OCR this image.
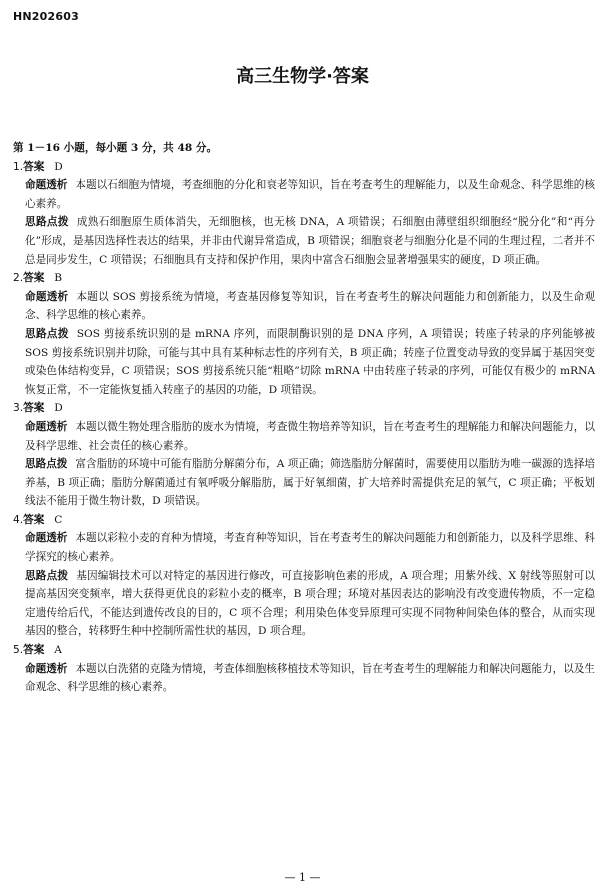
HN202603
高三生物学·答案
第 1－16 小题，每小题 3 分，共 48 分。
1.答案 D
命题透析 本题以石细胞为情境，考查细胞的分化和衰老等知识，旨在考查考生的理解能力，以及生命观念、科学思维的核心素养。
思路点拨 成熟石细胞原生质体消失，无细胞核，也无核 DNA，A 项错误；石细胞由薄壁组织细胞经“脱分化”和“再分化”形成，是基因选择性表达的结果，并非由代谢异常造成，B 项错误；细胞衰老与细胞分化是不同的生理过程，二者并不总是同步发生，C 项错误；石细胞具有支持和保护作用，果肉中富含石细胞会显著增强果实的硬度，D 项正确。
2.答案 B
命题透析 本题以 SOS 剪接系统为情境，考查基因修复等知识，旨在考查考生的解决问题能力和创新能力，以及生命观念、科学思维的核心素养。
思路点拨 SOS 剪接系统识别的是 mRNA 序列，而限制酶识别的是 DNA 序列，A 项错误；转座子转录的序列能够被 SOS 剪接系统识别并切除，可能与其中具有某种标志性的序列有关，B 项正确；转座子位置变动导致的变异属于基因突变或染色体结构变异，C 项错误；SOS 剪接系统只能“粗略”切除 mRNA 中由转座子转录的序列，可能仅有极少的 mRNA 恢复正常，不一定能恢复插入转座子的基因的功能，D 项错误。
3.答案 D
命题透析 本题以微生物处理含脂肪的废水为情境，考查微生物培养等知识，旨在考查考生的理解能力和解决问题能力，以及科学思维、社会责任的核心素养。
思路点拨 富含脂肪的环境中可能有脂肪分解菌分布，A 项正确；筛选脂肪分解菌时，需要使用以脂肪为唯一碳源的选择培养基，B 项正确；脂肪分解菌通过有氧呼吸分解脂肪，属于好氧细菌，扩大培养时需提供充足的氧气，C 项正确；平板划线法不能用于微生物计数，D 项错误。
4.答案 C
命题透析 本题以彩粒小麦的育种为情境，考查育种等知识，旨在考查考生的解决问题能力和创新能力，以及科学思维、科学探究的核心素养。
思路点拨 基因编辑技术可以对特定的基因进行修改，可直接影响色素的形成，A 项合理；用紫外线、X 射线等照射可以提高基因突变频率，增大获得更优良的彩粒小麦的概率，B 项合理；环境对基因表达的影响没有改变遗传物质，不一定稳定遗传给后代，不能达到遗传改良的目的，C 项不合理；利用染色体变异原理可实现不同物种间染色体的整合，从而实现基因的整合，转移野生种中控制所需性状的基因，D 项合理。
5.答案 A
命题透析 本题以白洗猪的克隆为情境，考查体细胞核移植技术等知识，旨在考查考生的理解能力和解决问题能力，以及生命观念、科学思维的核心素养。
— 1 —
